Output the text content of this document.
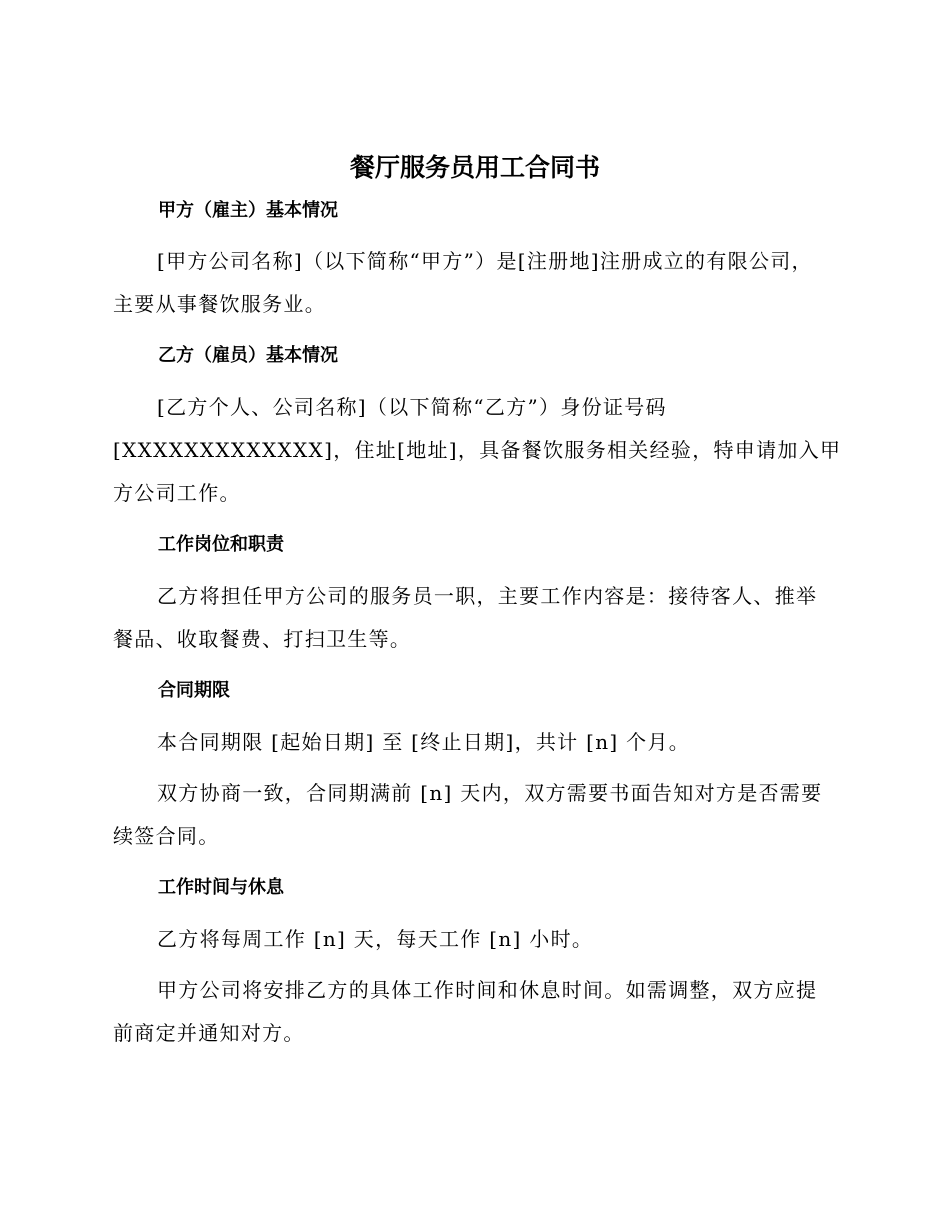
餐厅服务员用工合同书
甲方（雇主）基本情况
[甲方公司名称]（以下简称“甲方”）是[注册地]注册成立的有限公司，
主要从事餐饮服务业。
乙方（雇员）基本情况
[乙方个人、公司名称]（以下简称“乙方”）身份证号码
[XXXXXXXXXXXXX]，住址[地址]，具备餐饮服务相关经验，特申请加入甲
方公司工作。
工作岗位和职责
乙方将担任甲方公司的服务员一职，主要工作内容是：接待客人、推举
餐品、收取餐费、打扫卫生等。
合同期限
本合同期限 [起始日期] 至 [终止日期]，共计 [n] 个月。
双方协商一致，合同期满前 [n] 天内，双方需要书面告知对方是否需要
续签合同。
工作时间与休息
乙方将每周工作 [n] 天，每天工作 [n] 小时。
甲方公司将安排乙方的具体工作时间和休息时间。如需调整，双方应提
前商定并通知对方。
